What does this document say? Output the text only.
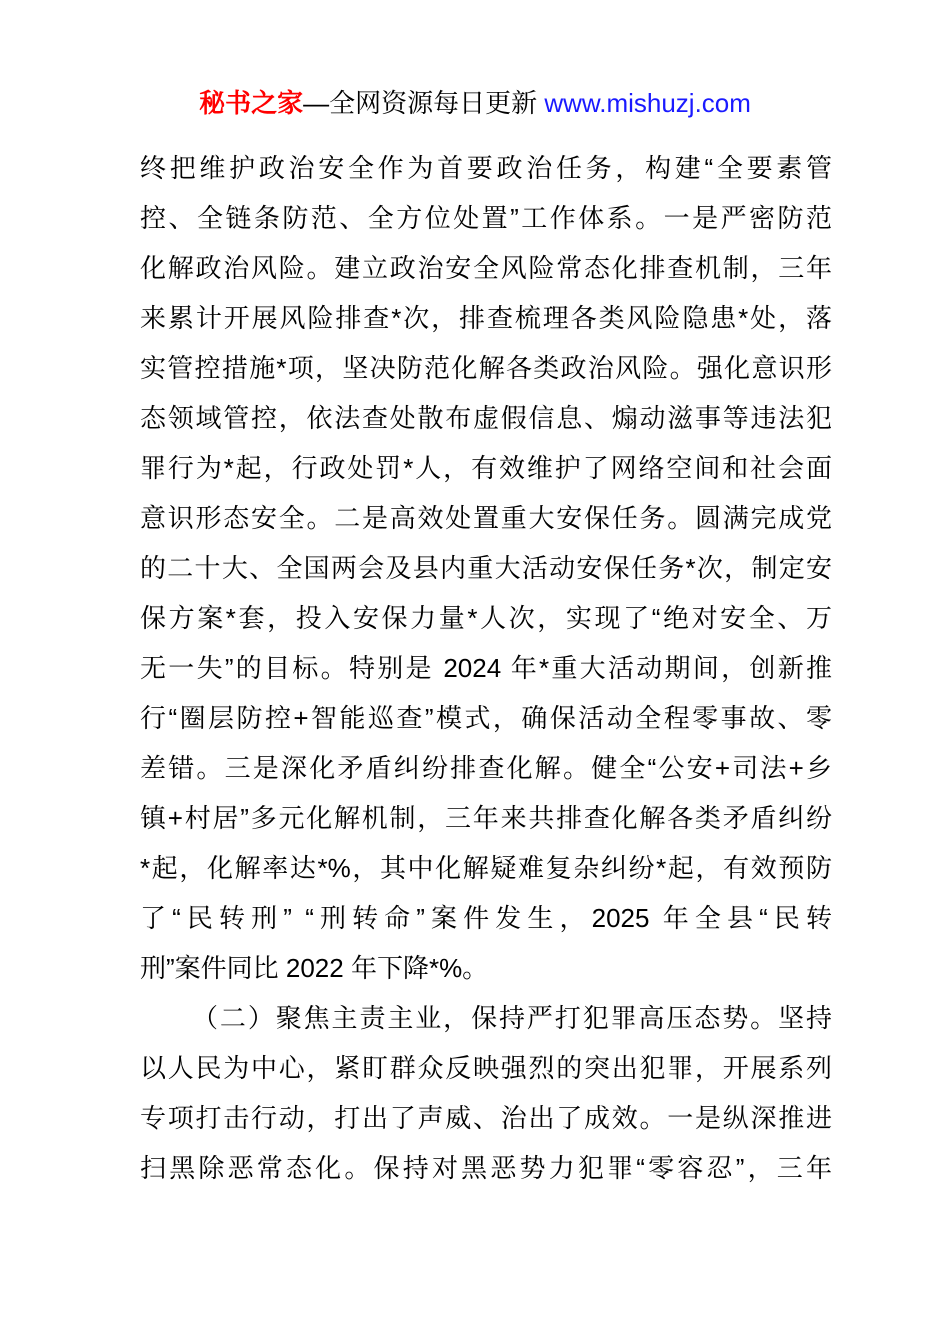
秘书之家—全网资源每日更新 www.mishuzj.com
终把维护政治安全作为首要政治任务，构建“全要素管
控、全链条防范、全方位处置”工作体系。一是严密防范
化解政治风险。建立政治安全风险常态化排查机制，三年
来累计开展风险排查*次，排查梳理各类风险隐患*处，落
实管控措施*项，坚决防范化解各类政治风险。强化意识形
态领域管控，依法查处散布虚假信息、煽动滋事等违法犯
罪行为*起，行政处罚*人，有效维护了网络空间和社会面
意识形态安全。二是高效处置重大安保任务。圆满完成党
的二十大、全国两会及县内重大活动安保任务*次，制定安
保方案*套，投入安保力量*人次，实现了“绝对安全、万
无一失”的目标。特别是 2024 年*重大活动期间，创新推
行“圈层防控+智能巡查”模式，确保活动全程零事故、零
差错。三是深化矛盾纠纷排查化解。健全“公安+司法+乡
镇+村居”多元化解机制，三年来共排查化解各类矛盾纠纷
*起，化解率达*%，其中化解疑难复杂纠纷*起，有效预防
了“民转刑” “刑转命”案件发生，2025 年全县“民转
刑”案件同比 2022 年下降*%。
（二）聚焦主责主业，保持严打犯罪高压态势。坚持
以人民为中心，紧盯群众反映强烈的突出犯罪，开展系列
专项打击行动，打出了声威、治出了成效。一是纵深推进
扫黑除恶常态化。保持对黑恶势力犯罪“零容忍”，三年
